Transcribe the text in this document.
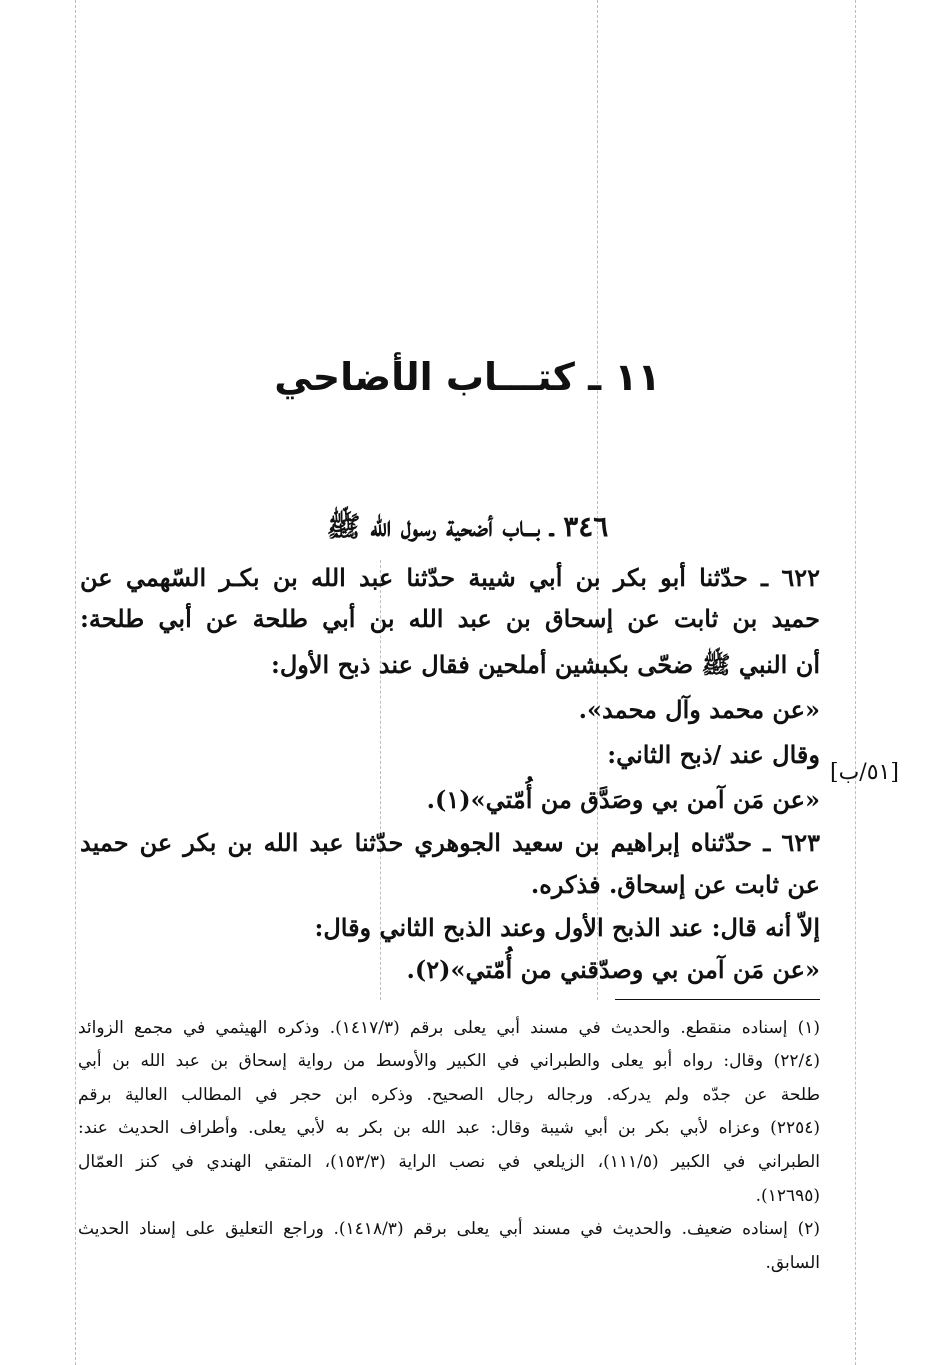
١١ ـ كتـــاب الأضاحي
٣٤٦ ـ بـــاب أضحية رسول الله ﷺ
٦٢٢ ـ حدّثنا أبو بكر بن أبي شيبة حدّثنا عبد الله بن بكـر السّهمي عن
حميد بن ثابت عن إسحاق بن عبد الله بن أبي طلحة عن أبي طلحة:
أن النبي ﷺ ضحّى بكبشين أملحين فقال عند ذبح الأول:
«عن محمد وآل محمد».
وقال عند /ذبح الثاني:
«عن مَن آمن بي وصَدَّق من أُمّتي»(١).
٦٢٣ ـ حدّثناه إبراهيم بن سعيد الجوهري حدّثنا عبد الله بن بكر عن حميد
عن ثابت عن إسحاق. فذكره.
إلاّ أنه قال: عند الذبح الأول وعند الذبح الثاني وقال:
«عن مَن آمن بي وصدّقني من أُمّتي»(٢).
[٥١/ب]
(١) إسناده منقطع. والحديث في مسند أبي يعلى برقم (١٤١٧/٣). وذكره الهيثمي في مجمع الزوائد
(٢٢/٤) وقال: رواه أبو يعلى والطبراني في الكبير والأوسط من رواية إسحاق بن عبد الله بن أبي
طلحة عن جدّه ولم يدركه. ورجاله رجال الصحيح. وذكره ابن حجر في المطالب العالية برقم
(٢٢٥٤) وعزاه لأبي بكر بن أبي شيبة وقال: عبد الله بن بكر به لأبي يعلى. وأطراف الحديث عند:
الطبراني في الكبير (١١١/٥)، الزيلعي في نصب الراية (١٥٣/٣)، المتقي الهندي في كنز العمّال
(١٢٦٩٥).
(٢) إسناده ضعيف. والحديث في مسند أبي يعلى برقم (١٤١٨/٣). وراجع التعليق على إسناد الحديث
السابق.
